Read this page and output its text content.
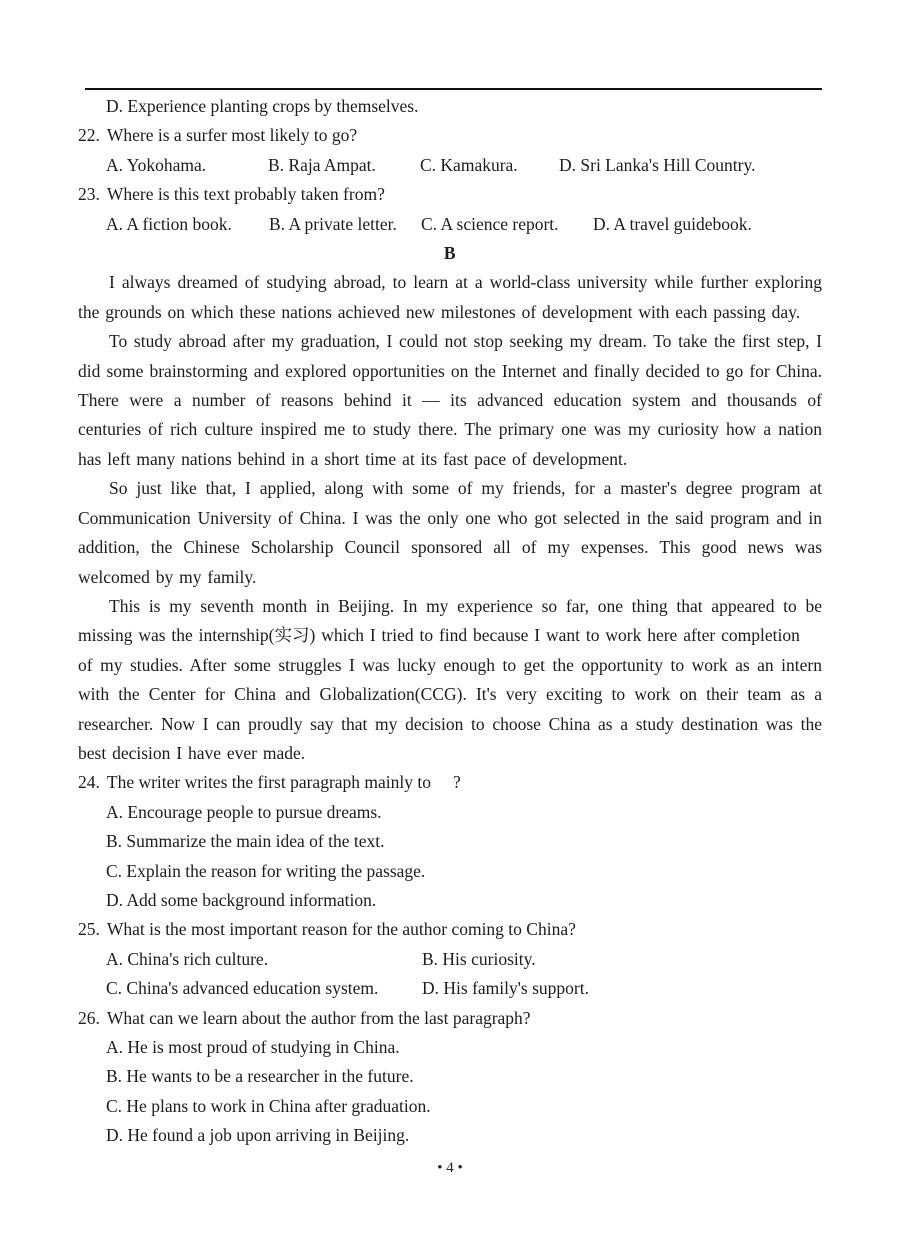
D. Experience planting crops by themselves.
22. Where is a surfer most likely to go?
A. Yokohama.	B. Raja Ampat.	C. Kamakura.	D. Sri Lanka's Hill Country.
23. Where is this text probably taken from?
A. A fiction book.	B. A private letter.	C. A science report.	D. A travel guidebook.
B

I always dreamed of studying abroad, to learn at a world-class university while further exploring the grounds on which these nations achieved new milestones of development with each passing day.

To study abroad after my graduation, I could not stop seeking my dream. To take the first step, I did some brainstorming and explored opportunities on the Internet and finally decided to go for China. There were a number of reasons behind it — its advanced education system and thousands of centuries of rich culture inspired me to study there. The primary one was my curiosity how a nation has left many nations behind in a short time at its fast pace of development.

So just like that, I applied, along with some of my friends, for a master's degree program at Communication University of China. I was the only one who got selected in the said program and in addition, the Chinese Scholarship Council sponsored all of my expenses. This good news was welcomed by my family.

This is my seventh month in Beijing. In my experience so far, one thing that appeared to be missing was the internship(实习) which I tried to find because I want to work here after completion

of my studies. After some struggles I was lucky enough to get the opportunity to work as an intern with the Center for China and Globalization(CCG). It's very exciting to work on their team as a researcher. Now I can proudly say that my decision to choose China as a study destination was the best decision I have ever made.

24. The writer writes the first paragraph mainly to ?
A. Encourage people to pursue dreams.
B. Summarize the main idea of the text.
C. Explain the reason for writing the passage.
D. Add some background information.
25. What is the most important reason for the author coming to China?
A. China's rich culture.	B. His curiosity.
C. China's advanced education system.	D. His family's support.
26. What can we learn about the author from the last paragraph?
A. He is most proud of studying in China.
B. He wants to be a researcher in the future.
C. He plans to work in China after graduation.
D. He found a job upon arriving in Beijing.
• 4 •
